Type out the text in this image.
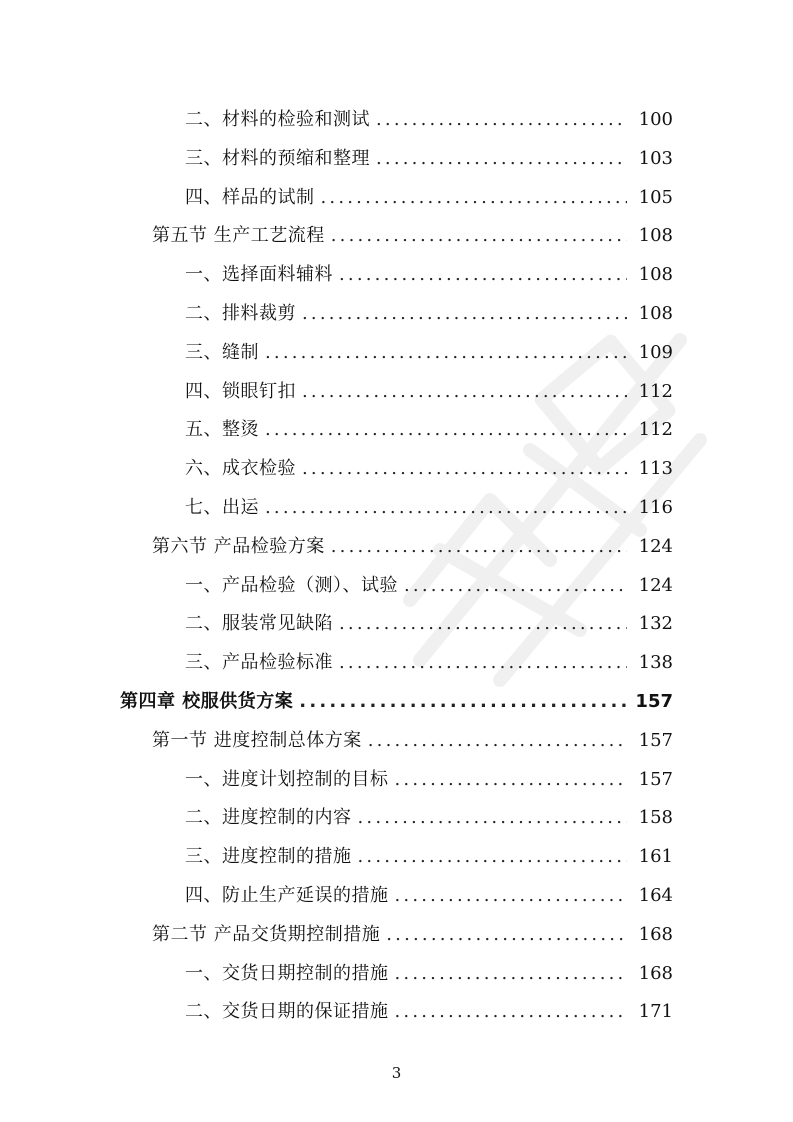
二、材料的检验和测试 .....	100
三、材料的预缩和整理 .....	103
四、样品的试制 .....	105
第五节 生产工艺流程 .....	108
一、选择面料辅料 .....	108
二、排料裁剪 .....	108
三、缝制 .....	109
四、锁眼钉扣 .....	112
五、整烫 .....	112
六、成衣检验 .....	113
七、出运 .....	116
第六节 产品检验方案 .....	124
一、产品检验（测）、试验 .....	124
二、服装常见缺陷 .....	132
三、产品检验标准 .....	138
第四章 校服供货方案 .....	157
第一节 进度控制总体方案 .....	157
一、进度计划控制的目标 .....	157
二、进度控制的内容 .....	158
三、进度控制的措施 .....	161
四、防止生产延误的措施 .....	164
第二节 产品交货期控制措施 .....	168
一、交货日期控制的措施 .....	168
二、交货日期的保证措施 .....	171
3
